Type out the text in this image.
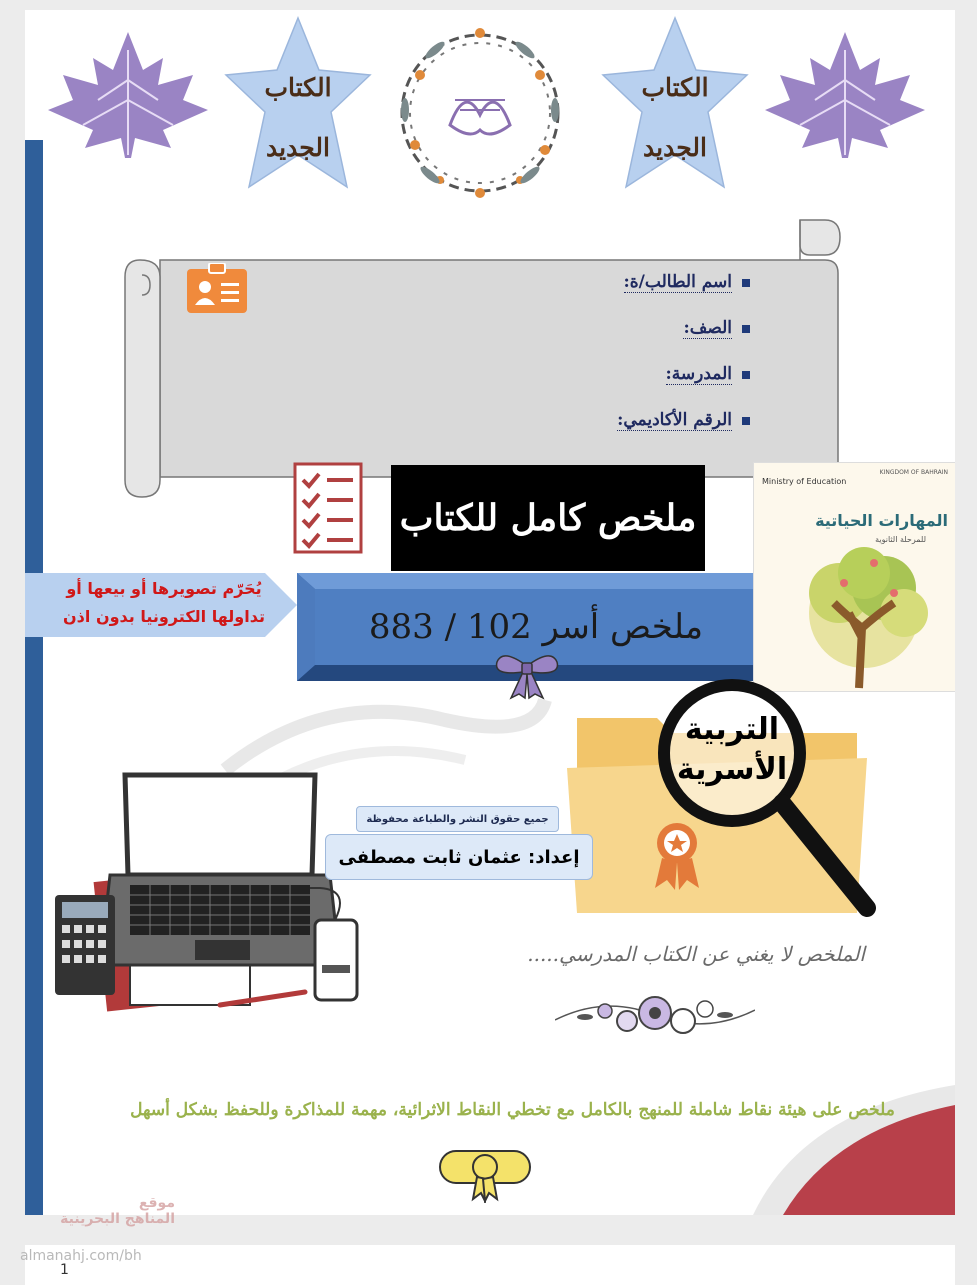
الكتاب
الجديد
الكتاب
الجديد
اسم الطالب/ة:
الصف:
المدرسة:
الرقم الأكاديمي:
ملخص كامل للكتاب
يُحَرّم تصويرها أو بيعها أو
تداولها الكترونيا بدون اذن	ملخص أسر 102 / 883
KINGDOM OF BAHRAIN
Ministry of Education
المهارات الحياتية
للمرحلة الثانوية
التربية
الأسرية
جميع حقوق النشر والطباعة محفوظة
إعداد: عثمان ثابت مصطفى
الملخص لا يغني عن الكتاب المدرسي.....
ملخص على هيئة نقاط شاملة للمنهج بالكامل مع تخطي النقاط الاثرائية، مهمة للمذاكرة وللحفظ بشكل أسهل
موقع
المناهج البحرينية
almanahj.com/bh
1
